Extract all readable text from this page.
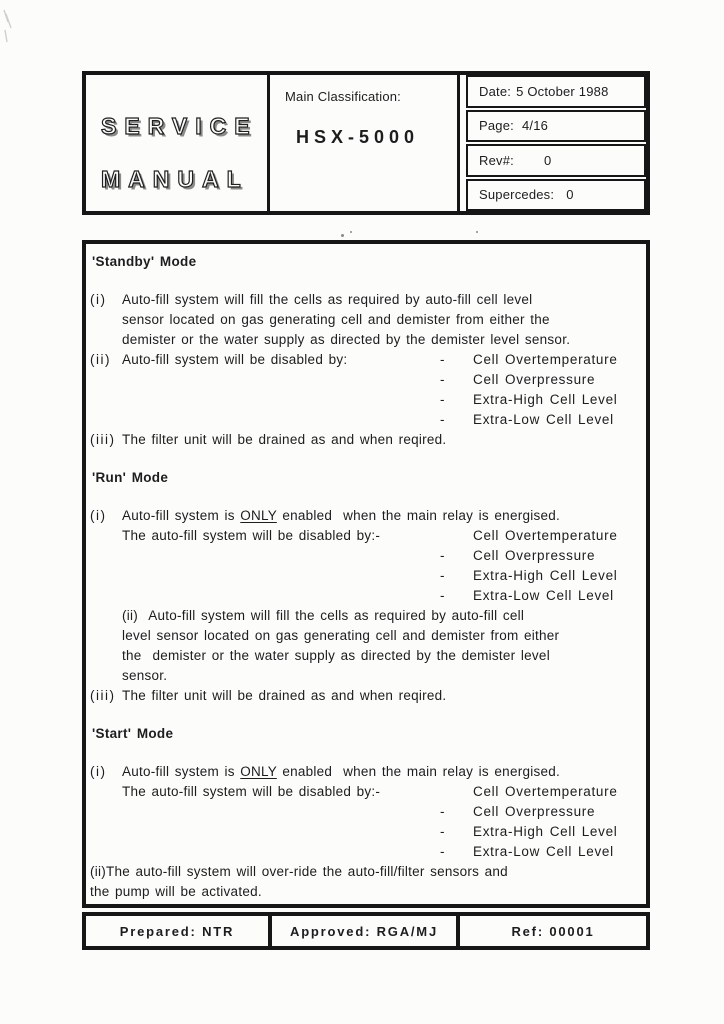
SERVICE
MANUAL
Main Classification:
HSX-5000
Date: 5 October 1988
Page: 4/16
Rev#: 0
Supercedes: 0
'Standby' Mode
(i)	Auto-fill system will fill the cells as required by auto-fill cell level
sensor located on gas generating cell and demister from either the
demister or the water supply as directed by the demister level sensor.
(ii) Auto-fill system will be disabled by:	-	Cell Overtemperature
-	Cell Overpressure
-	Extra-High Cell Level
-	Extra-Low Cell Level
(iii) The filter unit will be drained as and when reqired.
'Run' Mode
(i)	Auto-fill system is ONLY enabled  when the main relay is energised.
The auto-fill system will be disabled by:-	Cell Overtemperature
-	Cell Overpressure
-	Extra-High Cell Level
-	Extra-Low Cell Level
(ii)  Auto-fill system will fill the cells as required by auto-fill cell
level sensor located on gas generating cell and demister from either
the  demister or the water supply as directed by the demister level
sensor.
(iii) The filter unit will be drained as and when reqired.
'Start' Mode
(i)	Auto-fill system is ONLY enabled  when the main relay is energised.
The auto-fill system will be disabled by:-	Cell Overtemperature
-	Cell Overpressure
-	Extra-High Cell Level
-	Extra-Low Cell Level
(ii)The auto-fill system will over-ride the auto-fill/filter sensors and
the pump will be activated.
Prepared: NTR	Approved: RGA/MJ	Ref: 00001
